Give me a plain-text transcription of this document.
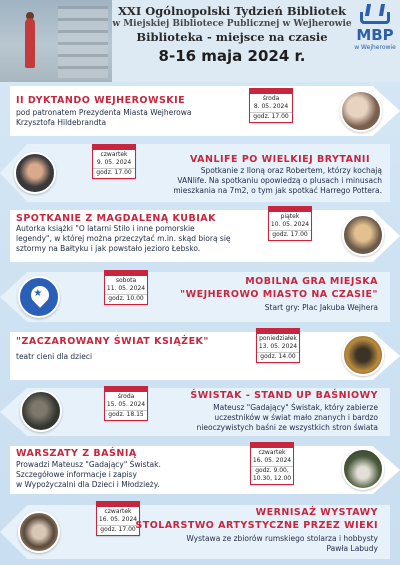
XXI Ogólnopolski Tydzień Bibliotek
w Miejskiej Bibliotece Publicznej w Wejherowie
Biblioteka - miejsce na czasie
8-16 maja 2024 r.
MBP
w Wejherowie
II DYKTANDO WEJHEROWSKIE
pod patronatem Prezydenta Miasta Wejherowa
Krzysztofa Hildebrandta
środa
8. 05. 2024
godz. 17.00
czwartek
9. 05. 2024
godz. 17.00
VANLIFE PO WIELKIEJ BRYTANII
Spotkanie z Iloną oraz Robertem, którzy kochają
VANlife. Na spotkaniu opowiedzą o plusach i minusach
mieszkania na 7m2, o tym jak spotkać Harrego Pottera.
SPOTKANIE Z MAGDALENĄ KUBIAK
Autorka książki "O latarni Stilo i inne pomorskie
legendy", w której można przeczytać m.in. skąd biorą się
sztormy na Bałtyku i jak powstało jezioro Łebsko.
piątek
10. 05. 2024
godz. 17.00
★
sobota
11. 05. 2024
godz. 10.00
MOBILNA GRA MIEJSKA
"WEJHEROWO MIASTO NA CZASIE"
Start gry: Plac Jakuba Wejhera
"ZACZAROWANY ŚWIAT KSIĄŻEK"
teatr cieni dla dzieci
poniedziałek
13. 05. 2024
godz. 14.00
środa
15. 05. 2024
godz. 18.15
ŚWISTAK - STAND UP BAŚNIOWY
Mateusz "Gadający" Świstak, który zabierze
uczestników w świat mało znanych i bardzo
nieoczywistych baśni ze wszystkich stron świata
WARSZATY Z BAŚNIĄ
Prowadzi Mateusz "Gadający" Świstak.
Szczegółowe informacje i zapisy
w Wypożyczalni dla Dzieci i Młodzieży.
czwartek
16. 05. 2024
godz. 9.00,
10.30, 12.00
czwartek
16. 05. 2024
godz. 17.00
WERNISAŻ WYSTAWY
STOLARSTWO ARTYSTYCZNE PRZEZ WIEKI
Wystawa ze zbiorów rumskiego stolarza i hobbysty
Pawła Labudy
